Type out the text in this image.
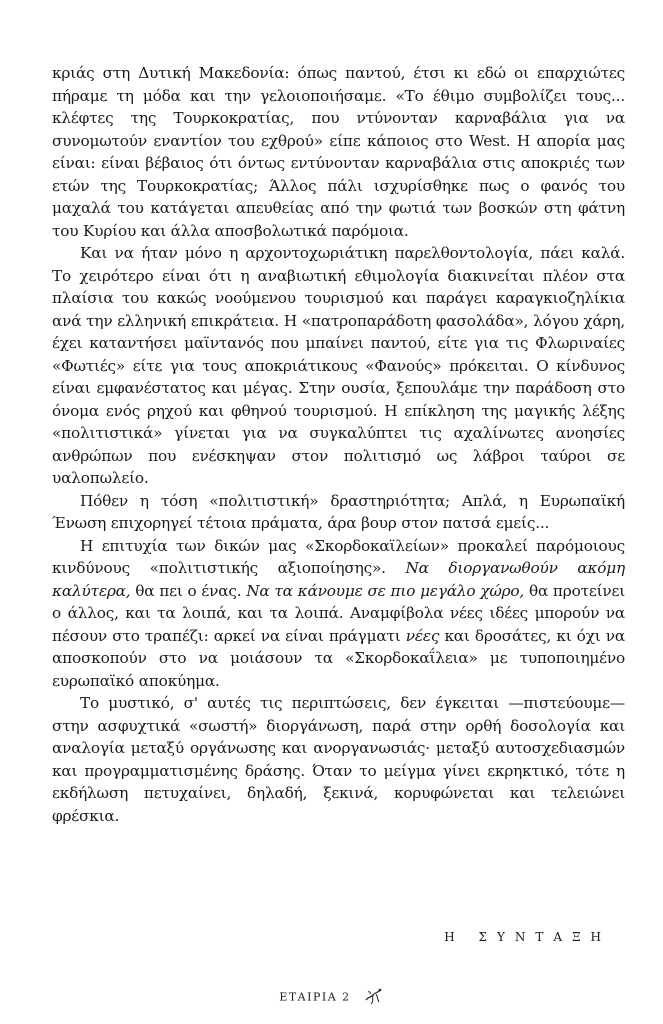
κριάς στη Δυτική Μακεδονία: όπως παντού, έτσι κι εδώ οι επαρχιώτες πήραμε τη μόδα και την γελοιοποιήσαμε. «Το έθιμο συμβολίζει τους... κλέφτες της Τουρκοκρατίας, που ντύνονταν καρναβάλια για να συνομωτούν εναντίον του εχθρού» είπε κάποιος στο West. Η απορία μας είναι: είναι βέβαιος ότι όντως εντύνονταν καρναβάλια στις αποκριές των ετών της Τουρκοκρατίας; Άλλος πάλι ισχυρίσθηκε πως ο φανός του μαχαλά του κατάγεται απευθείας από την φωτιά των βοσκών στη φάτνη του Κυρίου και άλλα αποσβολωτικά παρόμοια.

Και να ήταν μόνο η αρχοντοχωριάτικη παρελθοντολογία, πάει καλά. Το χειρότερο είναι ότι η αναβιωτική εθιμολογία διακινείται πλέον στα πλαίσια του κακώς νοούμενου τουρισμού και παράγει καραγκιοζηλίκια ανά την ελληνική επικράτεια. Η «πατροπαράδοτη φασολάδα», λόγου χάρη, έχει καταντήσει μαϊντανός που μπαίνει παντού, είτε για τις Φλωριναίες «Φωτιές» είτε για τους αποκριάτικους «Φανούς» πρόκειται. Ο κίνδυνος είναι εμφανέστατος και μέγας. Στην ουσία, ξεπουλάμε την παράδοση στο όνομα ενός ρηχού και φθηνού τουρισμού. Η επίκληση της μαγικής λέξης «πολιτιστικά» γίνεται για να συγκαλύπτει τις αχαλίνωτες ανοησίες ανθρώπων που ενέσκηψαν στον πολιτισμό ως λάβροι ταύροι σε υαλοπωλείο.

Πόθεν η τόση «πολιτιστική» δραστηριότητα; Απλά, η Ευρωπαϊκή Ένωση επιχορηγεί τέτοια πράματα, άρα βουρ στον πατσά εμείς...

Η επιτυχία των δικών μας «Σκορδοκαϊλείων» προκαλεί παρόμοιους κινδύνους «πολιτιστικής αξιοποίησης». Να διοργανωθούν ακόμη καλύτερα, θα πει ο ένας. Να τα κάνουμε σε πιο μεγάλο χώρο, θα προτείνει ο άλλος, και τα λοιπά, και τα λοιπά. Αναμφίβολα νέες ιδέες μπορούν να πέσουν στο τραπέζι: αρκεί να είναι πράγματι νέες και δροσάτες, κι όχι να αποσκοπούν στο να μοιάσουν τα «Σκορδοκαΐλεια» με τυποποιημένο ευρωπαϊκό αποκύημα.

Το μυστικό, σ' αυτές τις περιπτώσεις, δεν έγκειται —πιστεύουμε— στην ασφυχτικά «σωστή» διοργάνωση, παρά στην ορθή δοσολογία και αναλογία μεταξύ οργάνωσης και ανοργανωσιάς· μεταξύ αυτοσχεδιασμών και προγραμματισμένης δράσης. Όταν το μείγμα γίνει εκρηκτικό, τότε η εκδήλωση πετυχαίνει, δηλαδή, ξεκινά, κορυφώνεται και τελειώνει φρέσκια.

Η ΣΥΝΤΑΞΗ
ΕΤΑΙΡΙΑ 2
